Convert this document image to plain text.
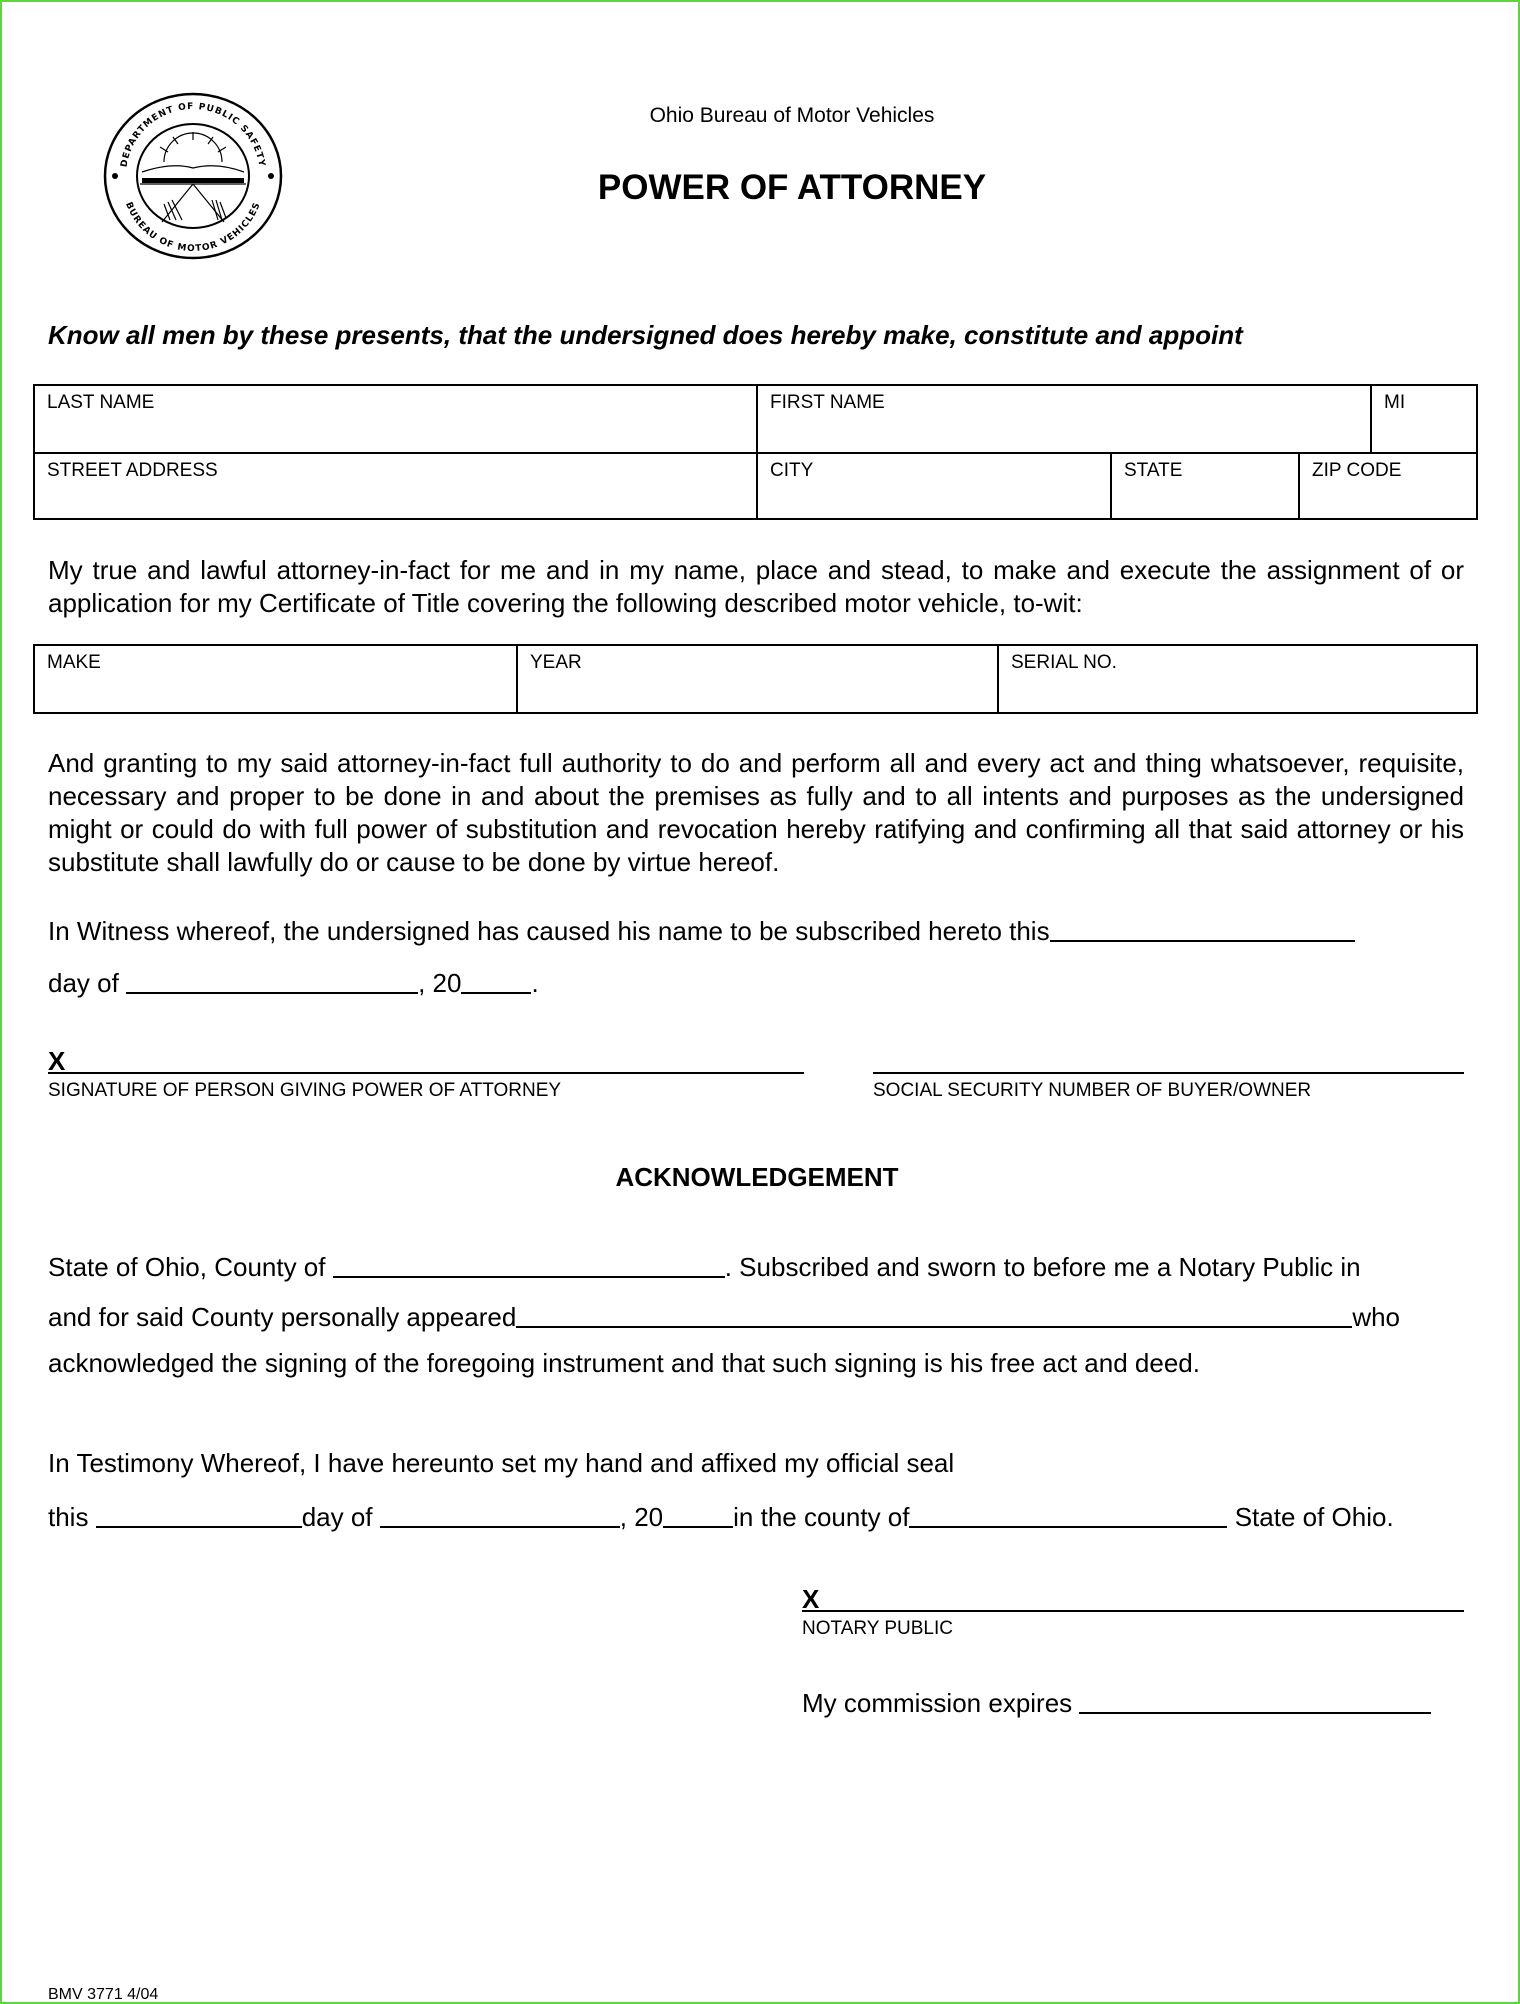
DEPARTMENT OF PUBLIC SAFETY
BUREAU OF MOTOR VEHICLES
Ohio Bureau of Motor Vehicles
POWER OF ATTORNEY
Know all men by these presents, that the undersigned does hereby make, constitute and appoint
LAST NAME	FIRST NAME	MI
STREET ADDRESS	CITY	STATE	ZIP CODE
My true and lawful attorney-in-fact for me and in my name, place and stead, to make and execute the assignment of or application for my Certificate of Title covering the following described motor vehicle, to-wit:
MAKE	YEAR	SERIAL NO.
And granting to my said attorney-in-fact full authority to do and perform all and every act and thing whatsoever, requisite, necessary and proper to be done in and about the premises as fully and to all intents and purposes as the undersigned might or could do with full power of substitution and revocation hereby ratifying and confirming all that said attorney or his substitute shall lawfully do or cause to be done by virtue hereof.
In Witness whereof, the undersigned has caused his name to be subscribed hereto this
day of	, 20	.
X
SIGNATURE OF PERSON GIVING POWER OF ATTORNEY	SOCIAL SECURITY NUMBER OF BUYER/OWNER
ACKNOWLEDGEMENT
State of Ohio, County of	. Subscribed and sworn to before me a Notary Public in
and for said County personally appeared	who
acknowledged the signing of the foregoing instrument and that such signing is his free act and deed.
In Testimony Whereof, I have hereunto set my hand and affixed my official seal
this	day of	, 20	in the county of	State of Ohio.
X
NOTARY PUBLIC
My commission expires
BMV 3771 4/04
